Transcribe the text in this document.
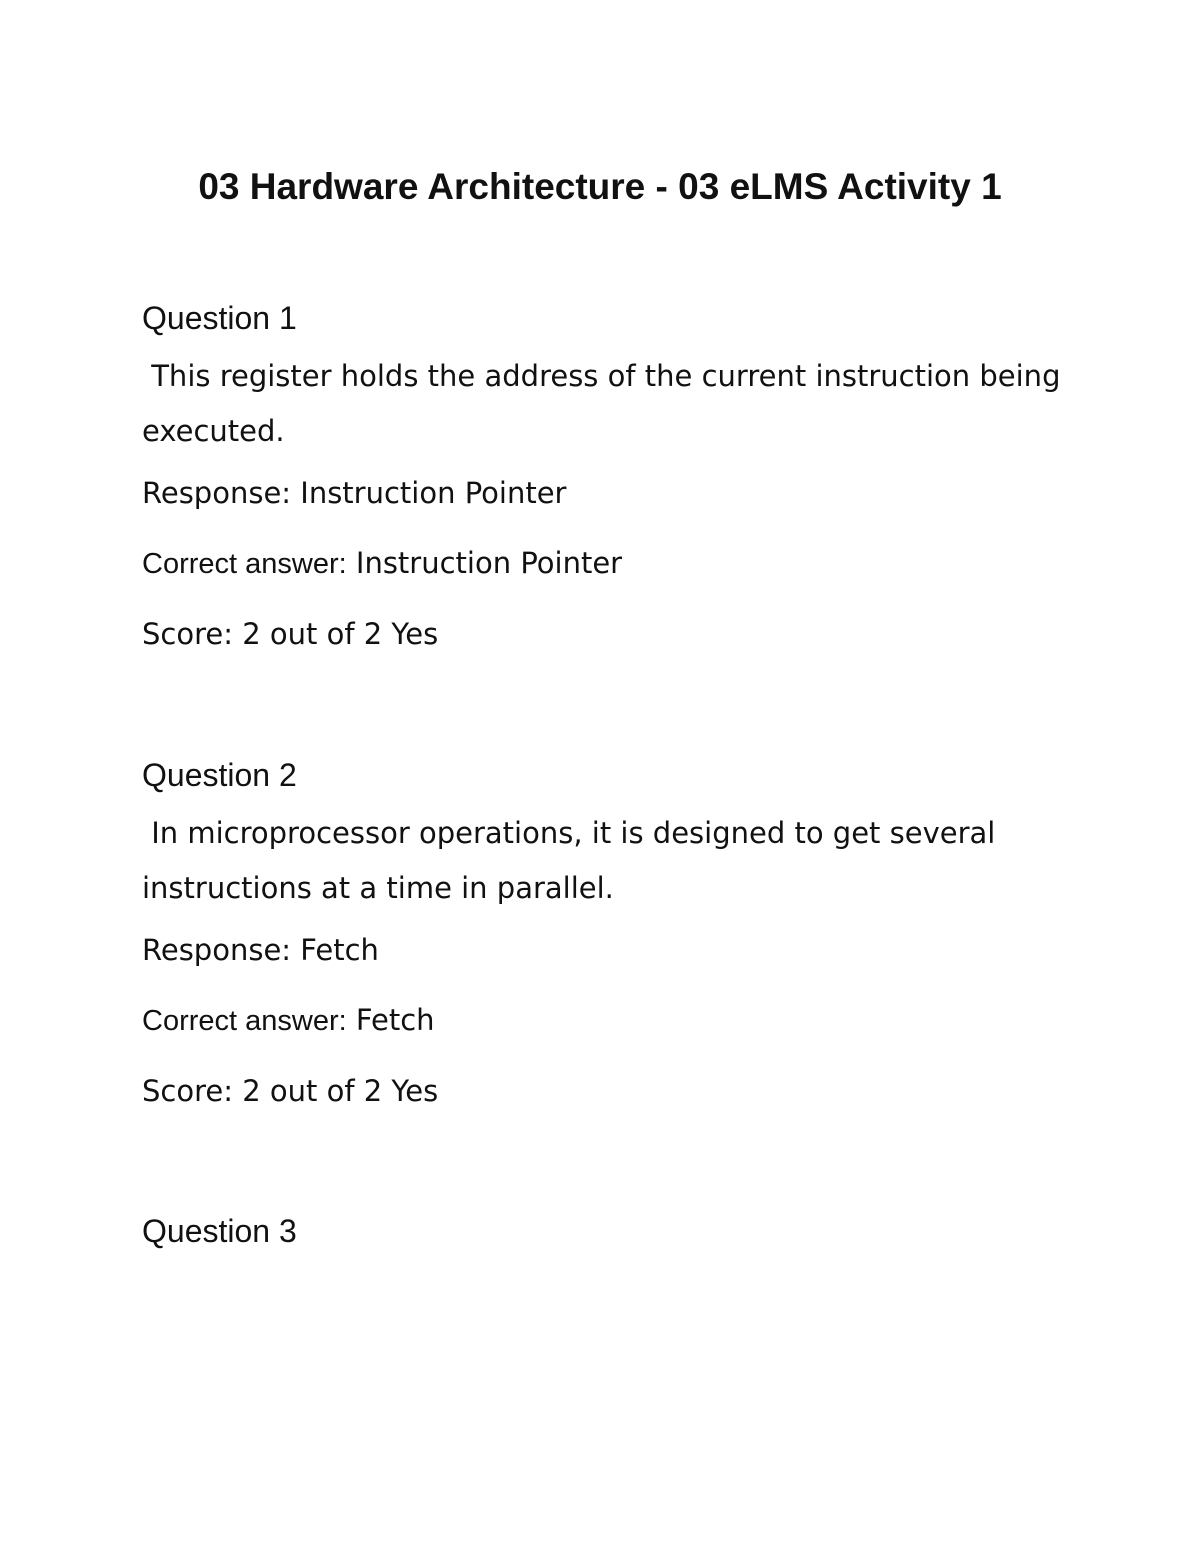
03 Hardware Architecture - 03 eLMS Activity 1
Question 1

This register holds the address of the current instruction being executed.

Response: Instruction Pointer

Correct answer: Instruction Pointer

Score: 2 out of 2 Yes

Question 2

In microprocessor operations, it is designed to get several instructions at a time in parallel.

Response: Fetch

Correct answer: Fetch

Score: 2 out of 2 Yes

Question 3
